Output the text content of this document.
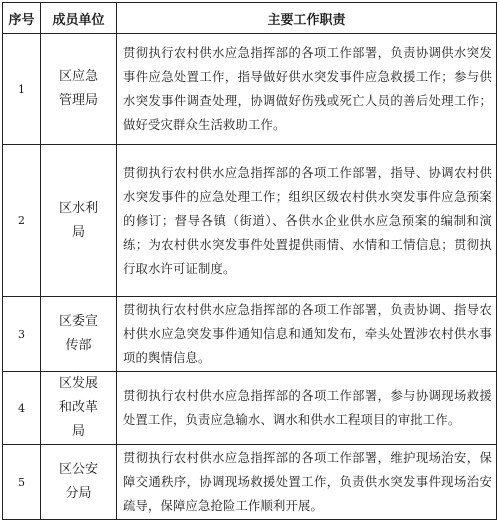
序号	成员单位	主要工作职责
1	区应急管理局	贯彻执行农村供水应急指挥部的各项工作部署，负责协调供水突发事件应急处置工作，指导做好供水突发事件应急救援工作；参与供水突发事件调查处理，协调做好伤残或死亡人员的善后处理工作；做好受灾群众生活救助工作。
2	区水利局	贯彻执行农村供水应急指挥部的各项工作部署，指导、协调农村供水突发事件的应急处理工作；组织区级农村供水突发事件应急预案的修订；督导各镇（街道）、各供水企业供水应急预案的编制和演练；为农村供水突发事件处置提供雨情、水情和工情信息；贯彻执行取水许可证制度。
3	区委宣传部	贯彻执行农村供水应急指挥部的各项工作部署，负责协调、指导农村供水应急突发事件通知信息和通知发布，牵头处置涉农村供水事项的舆情信息。
4	区发展和改革局	贯彻执行农村供水应急指挥部的各项工作部署，参与协调现场救援处置工作，负责应急输水、调水和供水工程项目的审批工作。
5	区公安分局	贯彻执行农村供水应急指挥部的各项工作部署，维护现场治安，保障交通秩序，协调现场救援处置工作，负责供水突发事件现场治安疏导，保障应急抢险工作顺利开展。
